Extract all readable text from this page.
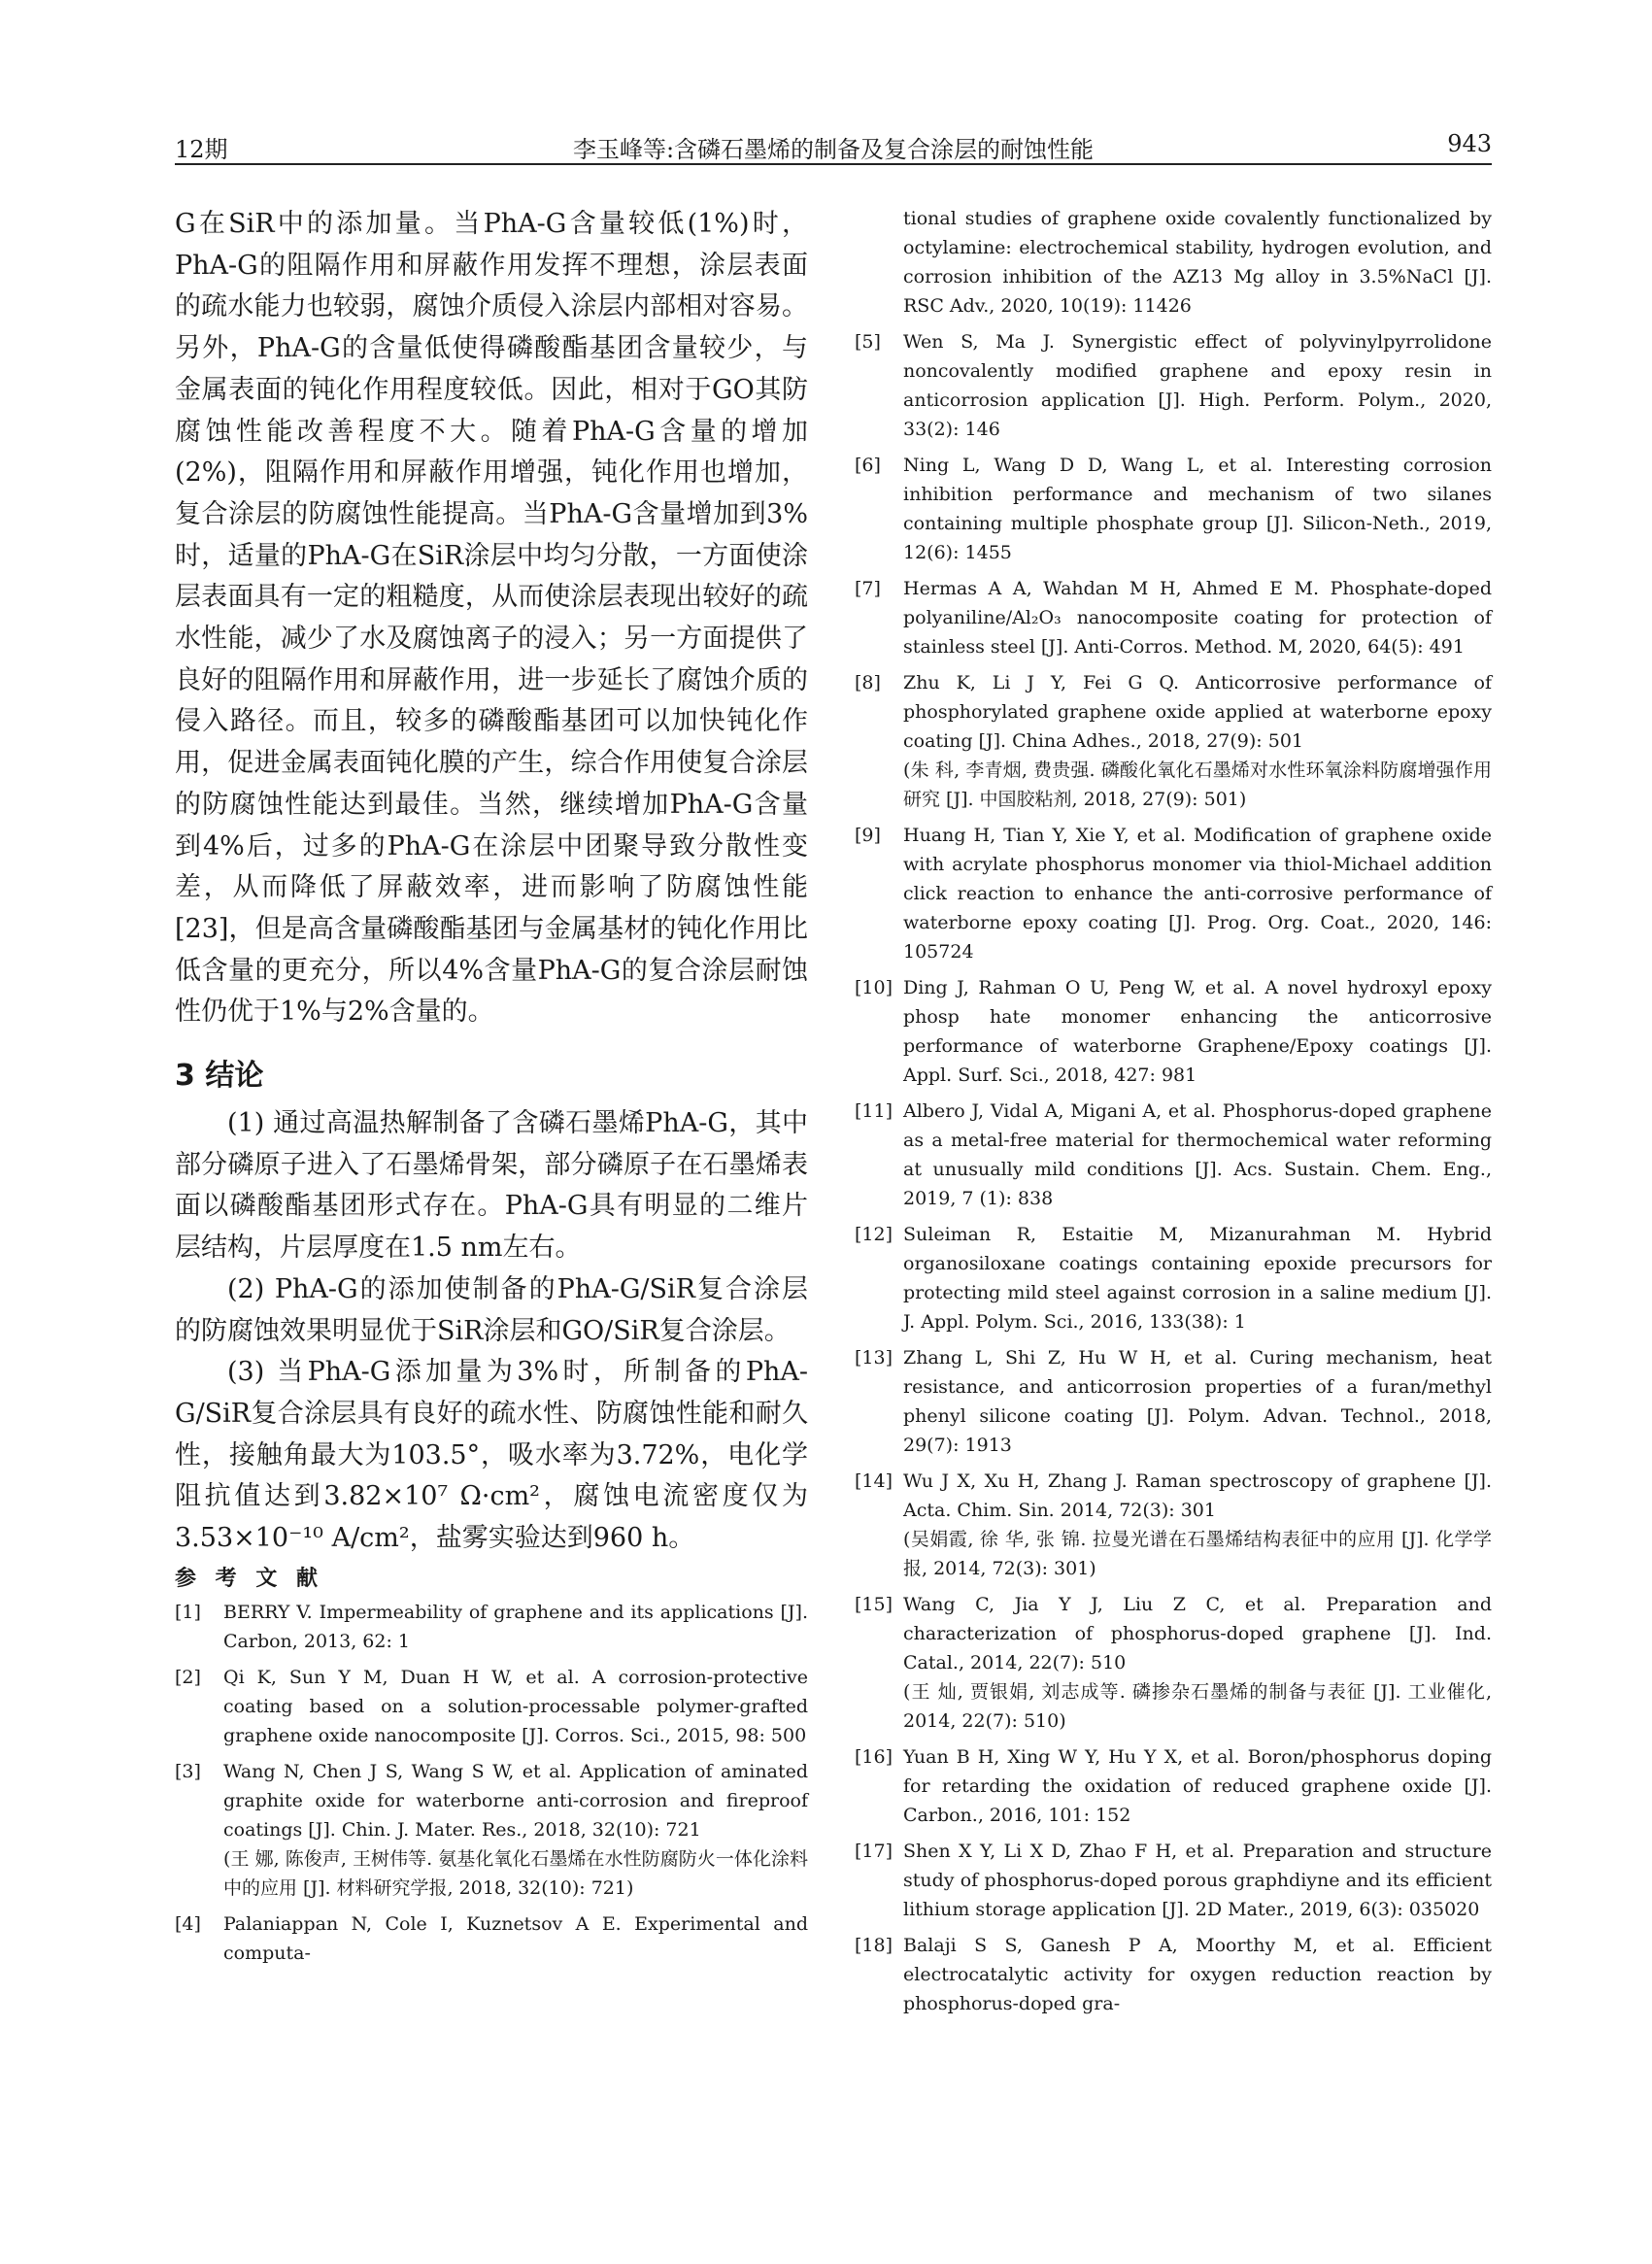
12期	李玉峰等:含磷石墨烯的制备及复合涂层的耐蚀性能	943

G在SiR中的添加量。当PhA-G含量较低(1%)时，PhA-G的阻隔作用和屏蔽作用发挥不理想，涂层表面的疏水能力也较弱，腐蚀介质侵入涂层内部相对容易。另外，PhA-G的含量低使得磷酸酯基团含量较少，与金属表面的钝化作用程度较低。因此，相对于GO其防腐蚀性能改善程度不大。随着PhA-G含量的增加(2%)，阻隔作用和屏蔽作用增强，钝化作用也增加，复合涂层的防腐蚀性能提高。当PhA-G含量增加到3%时，适量的PhA-G在SiR涂层中均匀分散，一方面使涂层表面具有一定的粗糙度，从而使涂层表现出较好的疏水性能，减少了水及腐蚀离子的浸入；另一方面提供了良好的阻隔作用和屏蔽作用，进一步延长了腐蚀介质的侵入路径。而且，较多的磷酸酯基团可以加快钝化作用，促进金属表面钝化膜的产生，综合作用使复合涂层的防腐蚀性能达到最佳。当然，继续增加PhA-G含量到4%后，过多的PhA-G在涂层中团聚导致分散性变差，从而降低了屏蔽效率，进而影响了防腐蚀性能[23]，但是高含量磷酸酯基团与金属基材的钝化作用比低含量的更充分，所以4%含量PhA-G的复合涂层耐蚀性仍优于1%与2%含量的。

3 结论

(1) 通过高温热解制备了含磷石墨烯PhA-G，其中部分磷原子进入了石墨烯骨架，部分磷原子在石墨烯表面以磷酸酯基团形式存在。PhA-G具有明显的二维片层结构，片层厚度在1.5 nm左右。

(2) PhA-G的添加使制备的PhA-G/SiR复合涂层的防腐蚀效果明显优于SiR涂层和GO/SiR复合涂层。

(3) 当PhA-G添加量为3%时，所制备的PhA-G/SiR复合涂层具有良好的疏水性、防腐蚀性能和耐久性，接触角最大为103.5°，吸水率为3.72%，电化学阻抗值达到3.82×10⁷ Ω·cm²，腐蚀电流密度仅为3.53×10⁻¹⁰ A/cm²，盐雾实验达到960 h。

参 考 文 献
[1] BERRY V. Impermeability of graphene and its applications [J]. Carbon, 2013, 62: 1
[2] Qi K, Sun Y M, Duan H W, et al. A corrosion-protective coating based on a solution-processable polymer-grafted graphene oxide nanocomposite [J]. Corros. Sci., 2015, 98: 500
[3] Wang N, Chen J S, Wang S W, et al. Application of aminated graphite oxide for waterborne anti-corrosion and fireproof coatings [J]. Chin. J. Mater. Res., 2018, 32(10): 721
(王 娜, 陈俊声, 王树伟等. 氨基化氧化石墨烯在水性防腐防火一体化涂料中的应用 [J]. 材料研究学报, 2018, 32(10): 721)
[4] Palaniappan N, Cole I, Kuznetsov A E. Experimental and computa-
tional studies of graphene oxide covalently functionalized by octylamine: electrochemical stability, hydrogen evolution, and corrosion inhibition of the AZ13 Mg alloy in 3.5%NaCl [J]. RSC Adv., 2020, 10(19): 11426
[5] Wen S, Ma J. Synergistic effect of polyvinylpyrrolidone noncovalently modified graphene and epoxy resin in anticorrosion application [J]. High. Perform. Polym., 2020, 33(2): 146
[6] Ning L, Wang D D, Wang L, et al. Interesting corrosion inhibition performance and mechanism of two silanes containing multiple phosphate group [J]. Silicon-Neth., 2019, 12(6): 1455
[7] Hermas A A, Wahdan M H, Ahmed E M. Phosphate-doped polyaniline/Al₂O₃ nanocomposite coating for protection of stainless steel [J]. Anti-Corros. Method. M, 2020, 64(5): 491
[8] Zhu K, Li J Y, Fei G Q. Anticorrosive performance of phosphorylated graphene oxide applied at waterborne epoxy coating [J]. China Adhes., 2018, 27(9): 501
(朱 科, 李青烟, 费贵强. 磷酸化氧化石墨烯对水性环氧涂料防腐增强作用研究 [J]. 中国胶粘剂, 2018, 27(9): 501)
[9] Huang H, Tian Y, Xie Y, et al. Modification of graphene oxide with acrylate phosphorus monomer via thiol-Michael addition click reaction to enhance the anti-corrosive performance of waterborne epoxy coating [J]. Prog. Org. Coat., 2020, 146: 105724
[10] Ding J, Rahman O U, Peng W, et al. A novel hydroxyl epoxy phosp hate monomer enhancing the anticorrosive performance of waterborne Graphene/Epoxy coatings [J]. Appl. Surf. Sci., 2018, 427: 981
[11] Albero J, Vidal A, Migani A, et al. Phosphorus-doped graphene as a metal-free material for thermochemical water reforming at unusually mild conditions [J]. Acs. Sustain. Chem. Eng., 2019, 7 (1): 838
[12] Suleiman R, Estaitie M, Mizanurahman M. Hybrid organosiloxane coatings containing epoxide precursors for protecting mild steel against corrosion in a saline medium [J]. J. Appl. Polym. Sci., 2016, 133(38): 1
[13] Zhang L, Shi Z, Hu W H, et al. Curing mechanism, heat resistance, and anticorrosion properties of a furan/methyl phenyl silicone coating [J]. Polym. Advan. Technol., 2018, 29(7): 1913
[14] Wu J X, Xu H, Zhang J. Raman spectroscopy of graphene [J]. Acta. Chim. Sin. 2014, 72(3): 301
(吴娟霞, 徐 华, 张 锦. 拉曼光谱在石墨烯结构表征中的应用 [J]. 化学学报, 2014, 72(3): 301)
[15] Wang C, Jia Y J, Liu Z C, et al. Preparation and characterization of phosphorus-doped graphene [J]. Ind. Catal., 2014, 22(7): 510
(王 灿, 贾银娟, 刘志成等. 磷掺杂石墨烯的制备与表征 [J]. 工业催化, 2014, 22(7): 510)
[16] Yuan B H, Xing W Y, Hu Y X, et al. Boron/phosphorus doping for retarding the oxidation of reduced graphene oxide [J]. Carbon., 2016, 101: 152
[17] Shen X Y, Li X D, Zhao F H, et al. Preparation and structure study of phosphorus-doped porous graphdiyne and its efficient lithium storage application [J]. 2D Mater., 2019, 6(3): 035020
[18] Balaji S S, Ganesh P A, Moorthy M, et al. Efficient electrocatalytic activity for oxygen reduction reaction by phosphorus-doped gra-
